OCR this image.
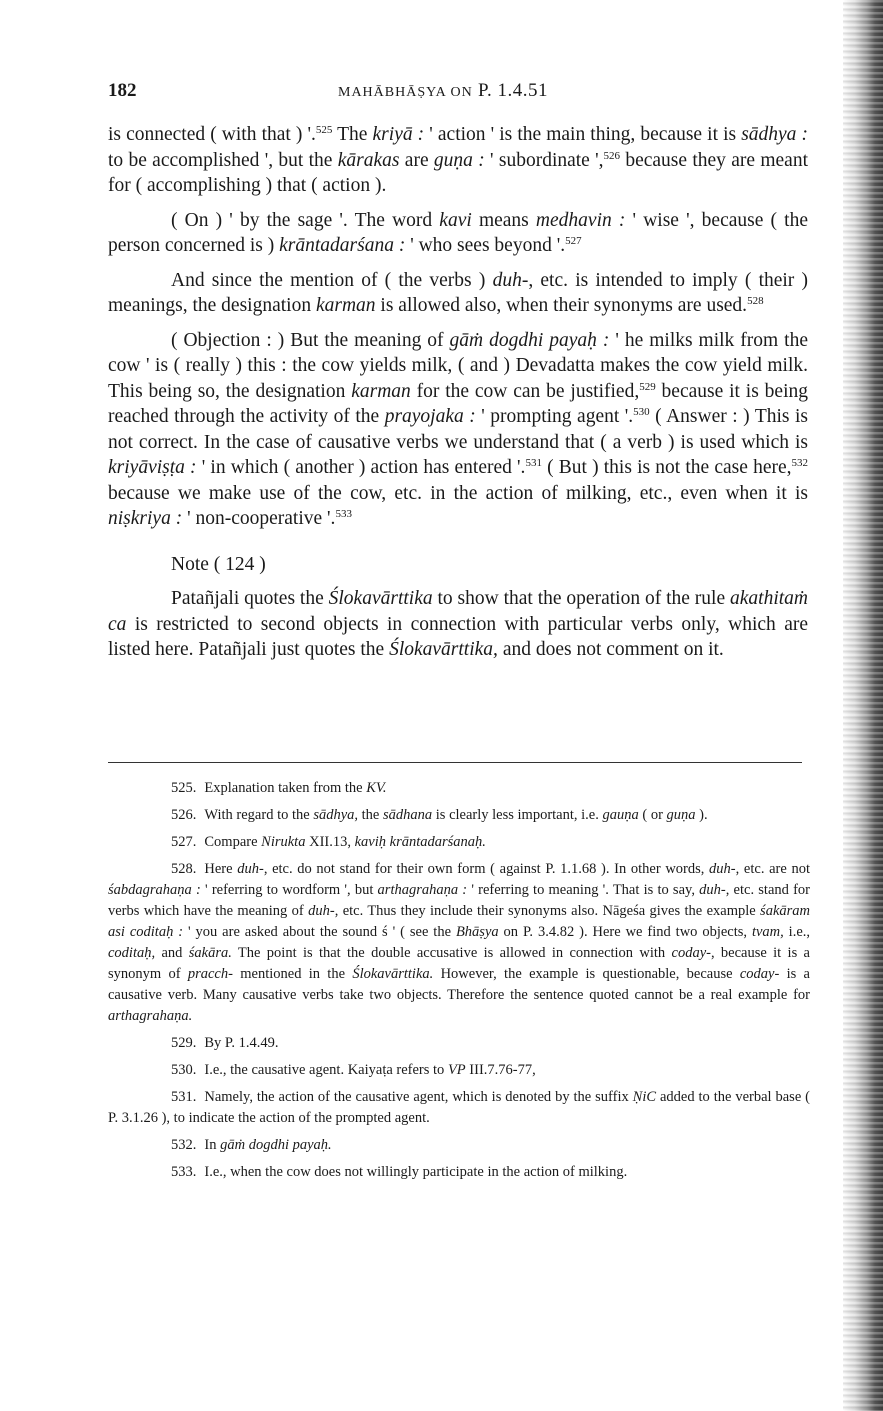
182	MAHĀBHĀṢYA ON P. 1.4.51

is connected ( with that ) '.$^{525}$ The kriyā : ' action ' is the main thing, because it is sādhya : to be accomplished ', but the kārakas are guṇa : ' subordinate ',$^{526}$ because they are meant for ( accomplishing ) that ( action ).

( On ) ' by the sage '. The word kavi means medhavin : ' wise ', because ( the person concerned is ) krāntadarśana : ' who sees beyond '.$^{527}$

And since the mention of ( the verbs ) duh-, etc. is intended to imply ( their ) meanings, the designation karman is allowed also, when their synonyms are used.$^{528}$

( Objection : ) But the meaning of gāṁ dogdhi payaḥ : ' he milks milk from the cow ' is ( really ) this : the cow yields milk, ( and ) Devadatta makes the cow yield milk. This being so, the designation karman for the cow can be justified,$^{529}$ because it is being reached through the activity of the prayojaka : ' prompting agent '.$^{530}$ ( Answer : ) This is not correct. In the case of causative verbs we understand that ( a verb ) is used which is kriyāviṣṭa : ' in which ( another ) action has entered '.$^{531}$ ( But ) this is not the case here,$^{532}$ because we make use of the cow, etc. in the action of milking, etc., even when it is niṣkriya : ' non-cooperative '.$^{533}$

Note ( 124 )

Patañjali quotes the Ślokavārttika to show that the operation of the rule akathitaṁ ca is restricted to second objects in connection with particular verbs only, which are listed here. Patañjali just quotes the Ślokavārttika, and does not comment on it.

525. Explanation taken from the KV.

526. With regard to the sādhya, the sādhana is clearly less important, i.e. gauṇa ( or guṇa ).

527. Compare Nirukta XII.13, kaviḥ krāntadarśanaḥ.

528. Here duh-, etc. do not stand for their own form ( against P. 1.1.68 ). In other words, duh-, etc. are not śabdagrahaṇa : ' referring to wordform ', but arthagrahaṇa : ' referring to meaning '. That is to say, duh-, etc. stand for verbs which have the meaning of duh-, etc. Thus they include their synonyms also. Nāgeśa gives the example śakāram asi coditaḥ : ' you are asked about the sound ś ' ( see the Bhāṣya on P. 3.4.82 ). Here we find two objects, tvam, i.e., coditaḥ, and śakāra. The point is that the double accusative is allowed in connection with coday-, because it is a synonym of pracch- mentioned in the Ślokavārttika. However, the example is questionable, because coday- is a causative verb. Many causative verbs take two objects. Therefore the sentence quoted cannot be a real example for arthagrahaṇa.

529. By P. 1.4.49.

530. I.e., the causative agent. Kaiyaṭa refers to VP III.7.76-77,

531. Namely, the action of the causative agent, which is denoted by the suffix ṆiC added to the verbal base ( P. 3.1.26 ), to indicate the action of the prompted agent.

532. In gāṁ dogdhi payaḥ.

533. I.e., when the cow does not willingly participate in the action of milking.
